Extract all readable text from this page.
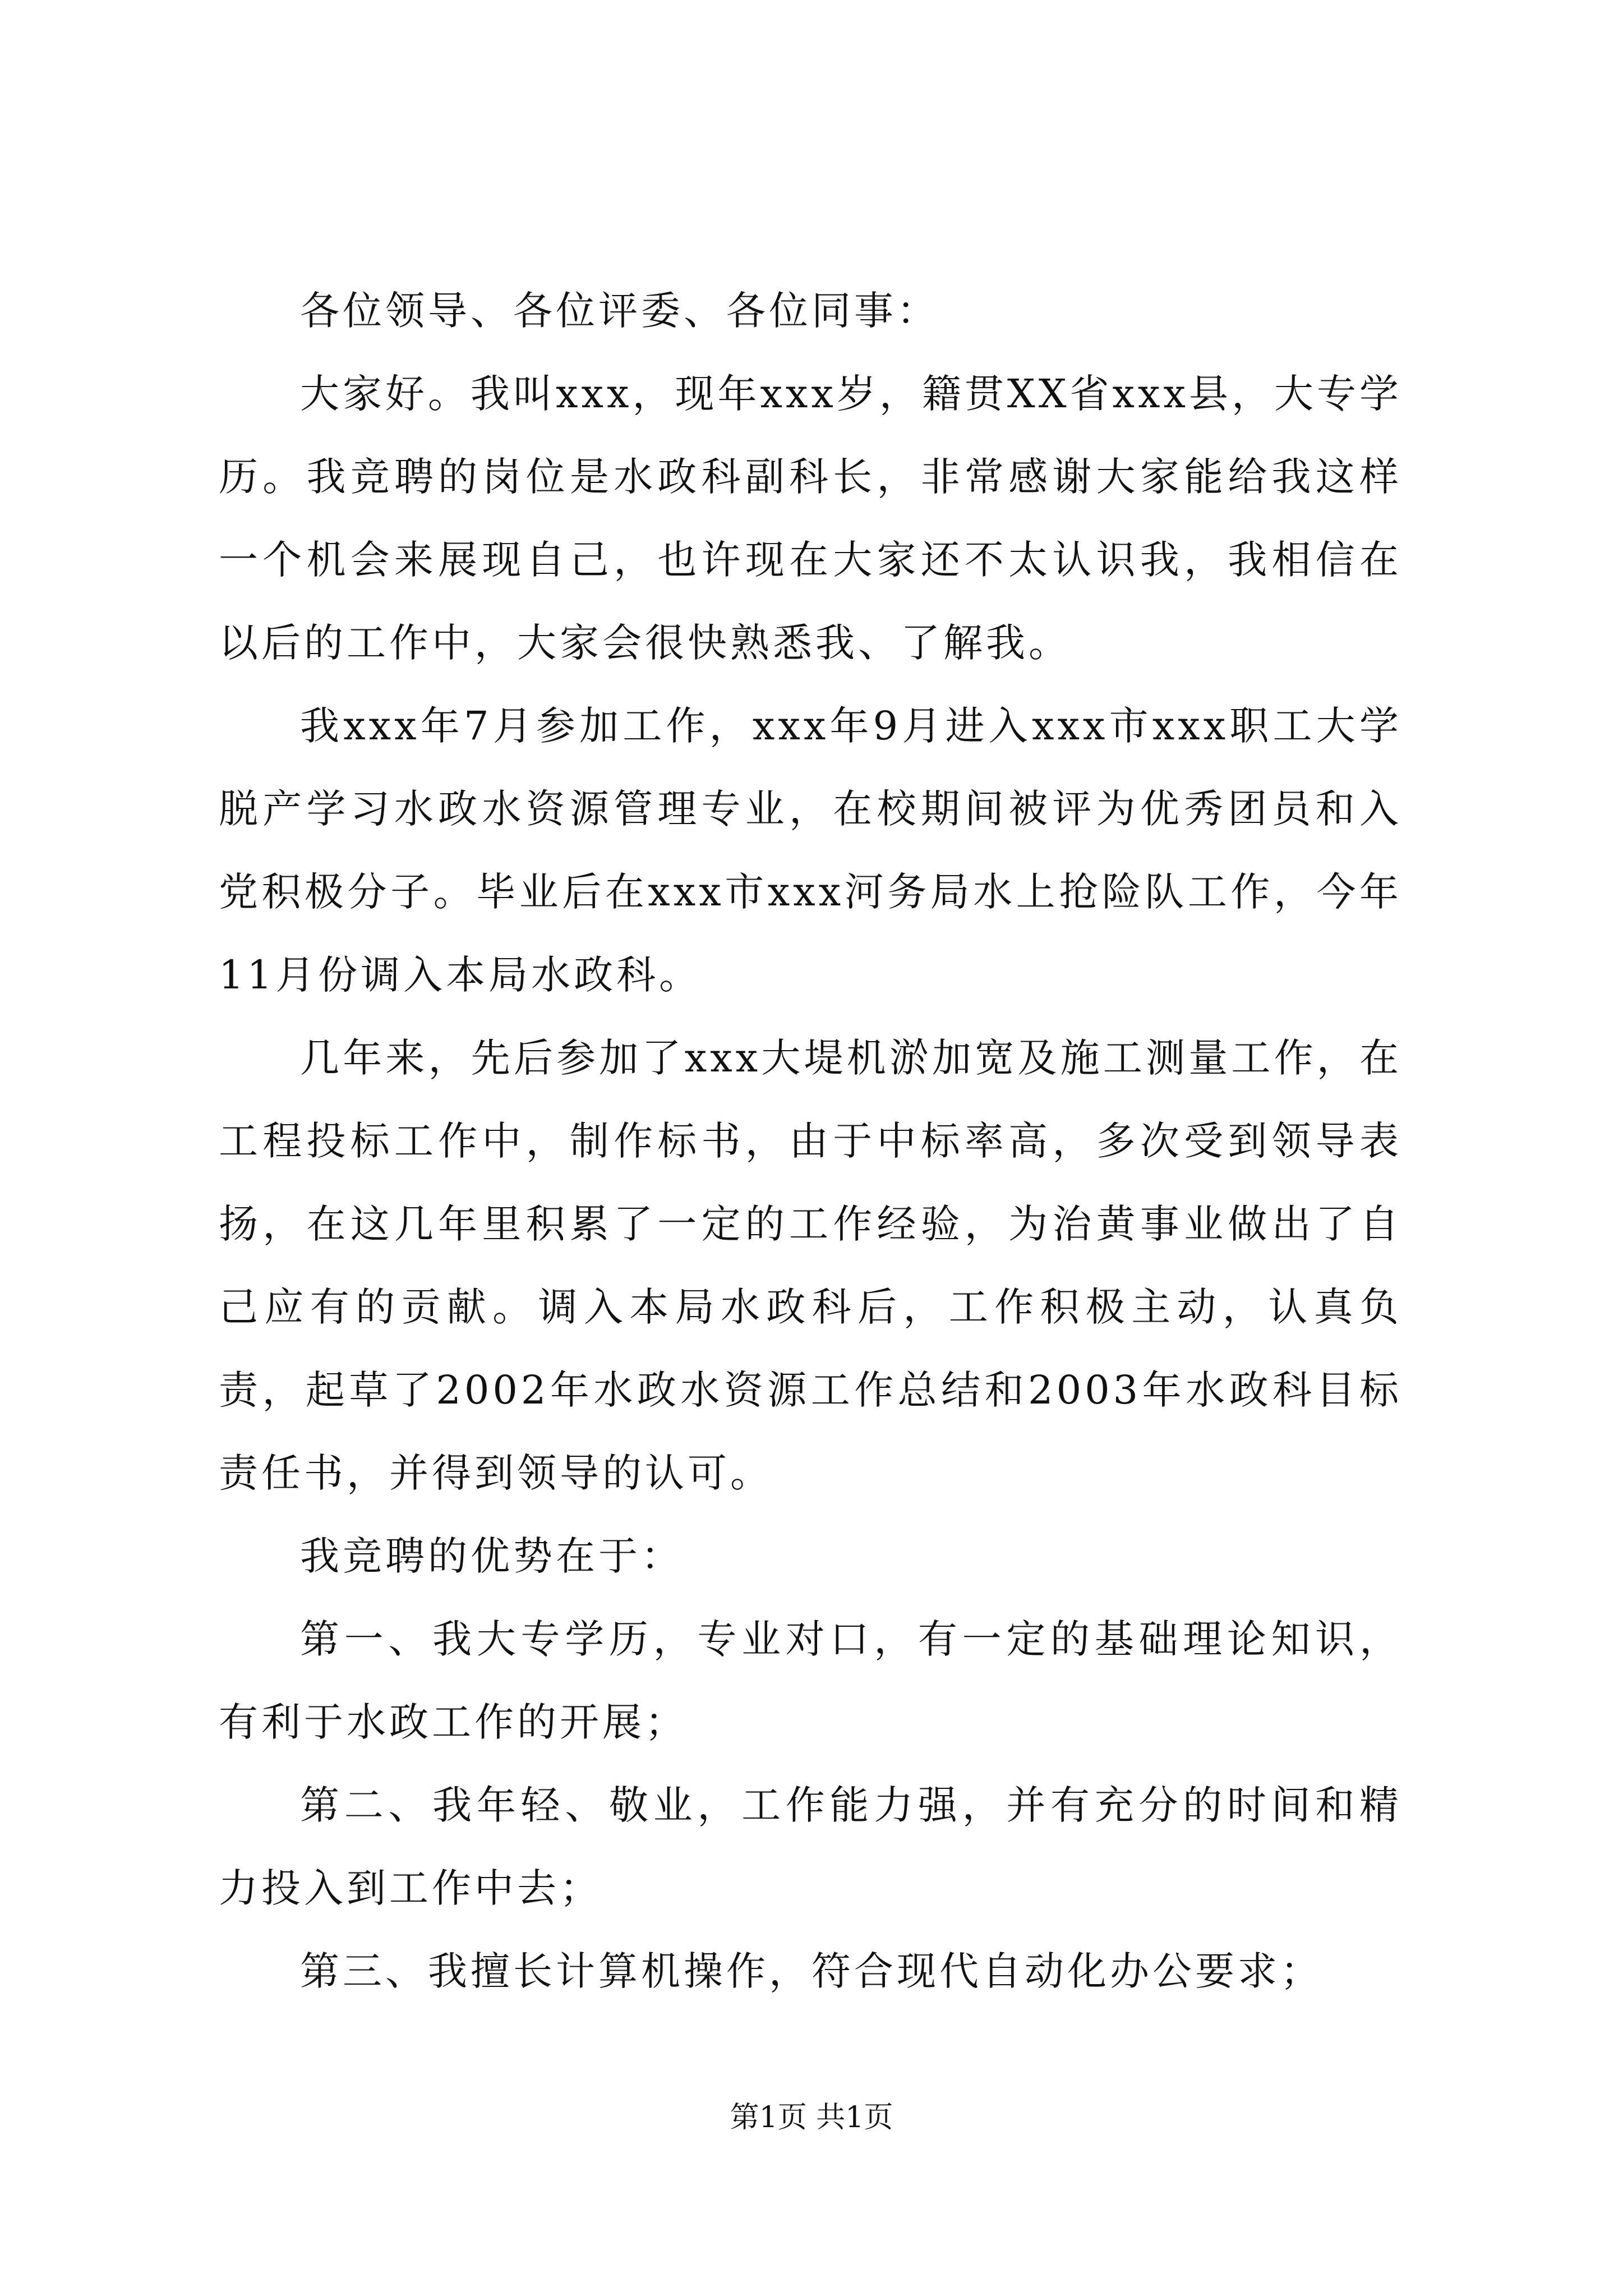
各位领导、各位评委、各位同事：

大家好。我叫xxx，现年xxx岁，籍贯XX省xxx县，大专学历。我竞聘的岗位是水政科副科长，非常感谢大家能给我这样一个机会来展现自己，也许现在大家还不太认识我，我相信在以后的工作中，大家会很快熟悉我、了解我。

我xxx年7月参加工作，xxx年9月进入xxx市xxx职工大学脱产学习水政水资源管理专业，在校期间被评为优秀团员和入党积极分子。毕业后在xxx市xxx河务局水上抢险队工作，今年11月份调入本局水政科。

几年来，先后参加了xxx大堤机淤加宽及施工测量工作，在工程投标工作中，制作标书，由于中标率高，多次受到领导表扬，在这几年里积累了一定的工作经验，为治黄事业做出了自己应有的贡献。调入本局水政科后，工作积极主动，认真负责，起草了2002年水政水资源工作总结和2003年水政科目标责任书，并得到领导的认可。

我竞聘的优势在于：

第一、我大专学历，专业对口，有一定的基础理论知识，有利于水政工作的开展；

第二、我年轻、敬业，工作能力强，并有充分的时间和精力投入到工作中去；

第三、我擅长计算机操作，符合现代自动化办公要求；

第1页 共1页
